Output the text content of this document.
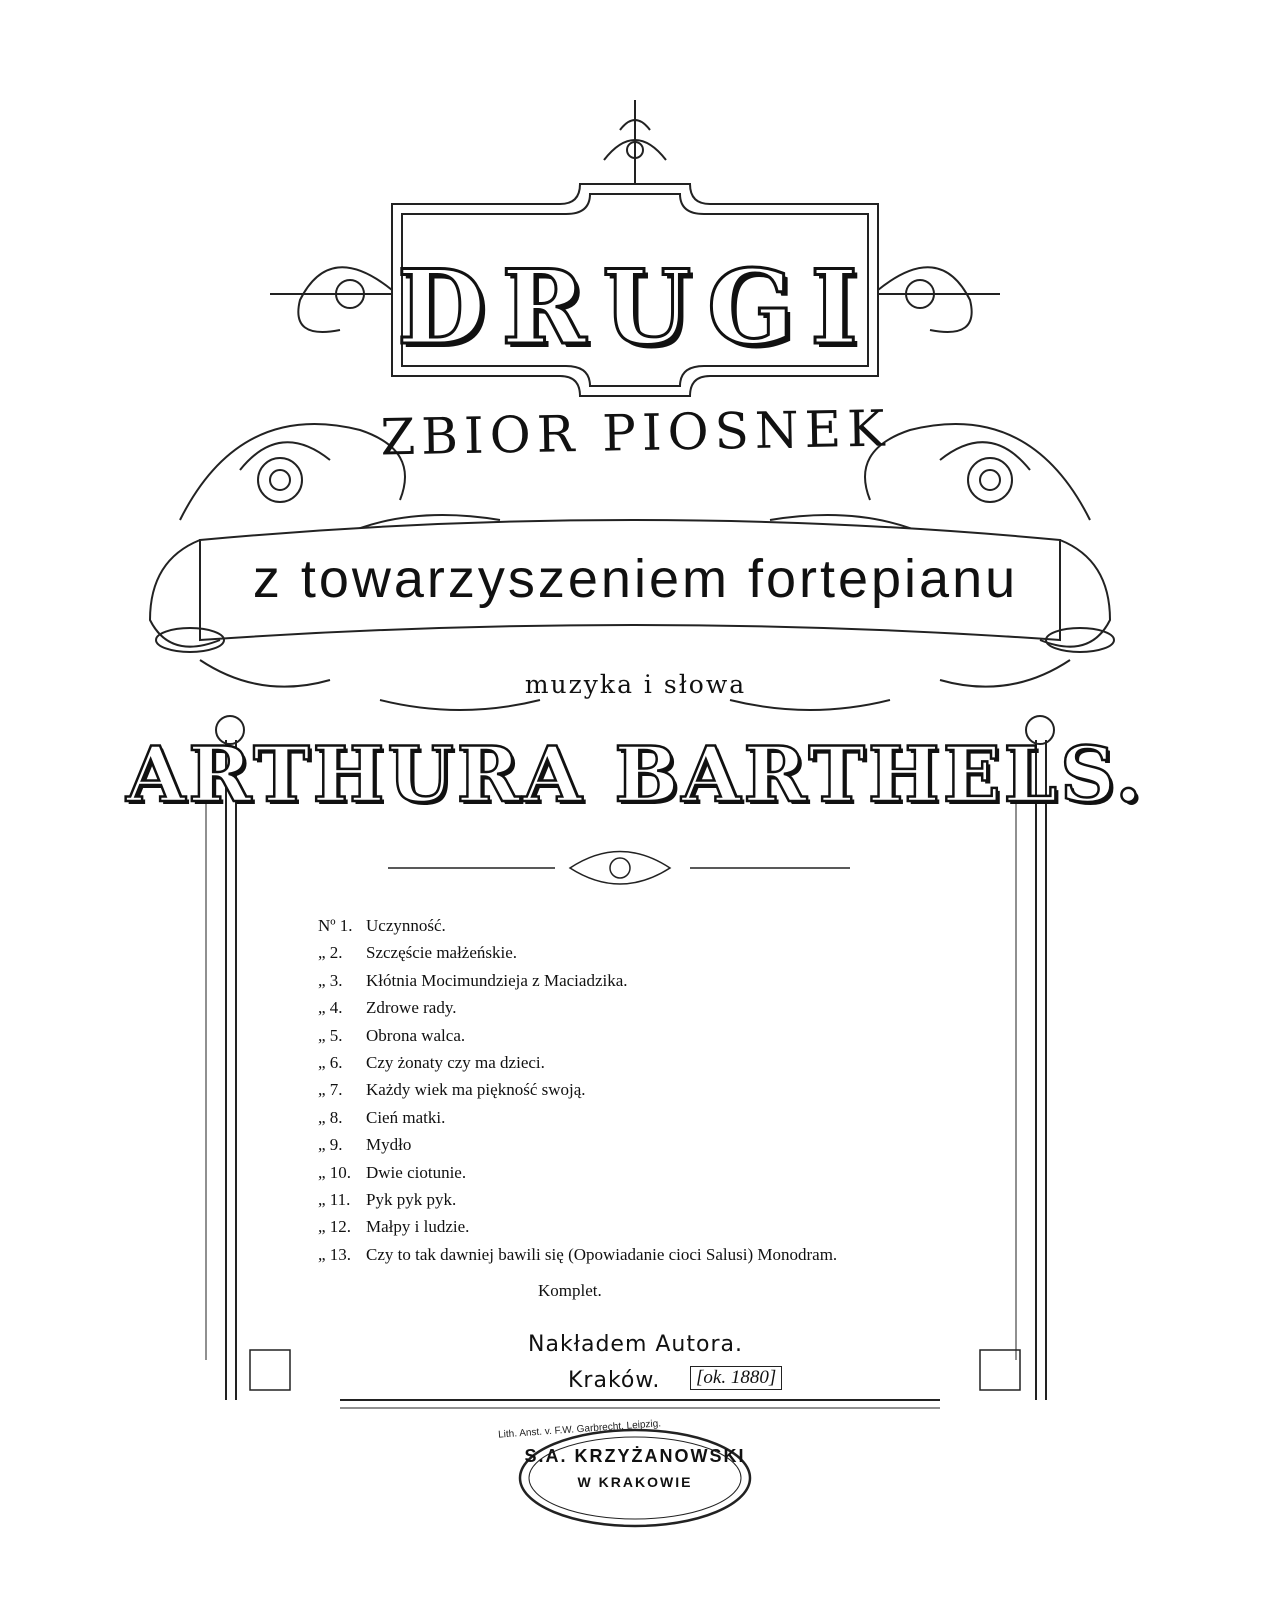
DRUGI
ZBIOR PIOSNEK
z towarzyszeniem fortepianu
muzyka i słowa
ARTHURA BARTHELS.
Nº 1. Uczynność.
„ 2. Szczęście małżeńskie.
„ 3. Kłótnia Mocimundzieja z Maciadzika.
„ 4. Zdrowe rady.
„ 5. Obrona walca.
„ 6. Czy żonaty czy ma dzieci.
„ 7. Każdy wiek ma piękność swoją.
„ 8. Cień matki.
„ 9. Mydło
„ 10. Dwie ciotunie.
„ 11. Pyk pyk pyk.
„ 12. Małpy i ludzie.
„ 13. Czy to tak dawniej bawili się (Opowiadanie cioci Salusi) Monodram.
Komplet.
Nakładem Autora.
Kraków.	[ok. 1880]
Lith. Anst. v. F.W. Garbrecht, Leipzig.
S.A. KRZYŻANOWSKI
W KRAKOWIE
